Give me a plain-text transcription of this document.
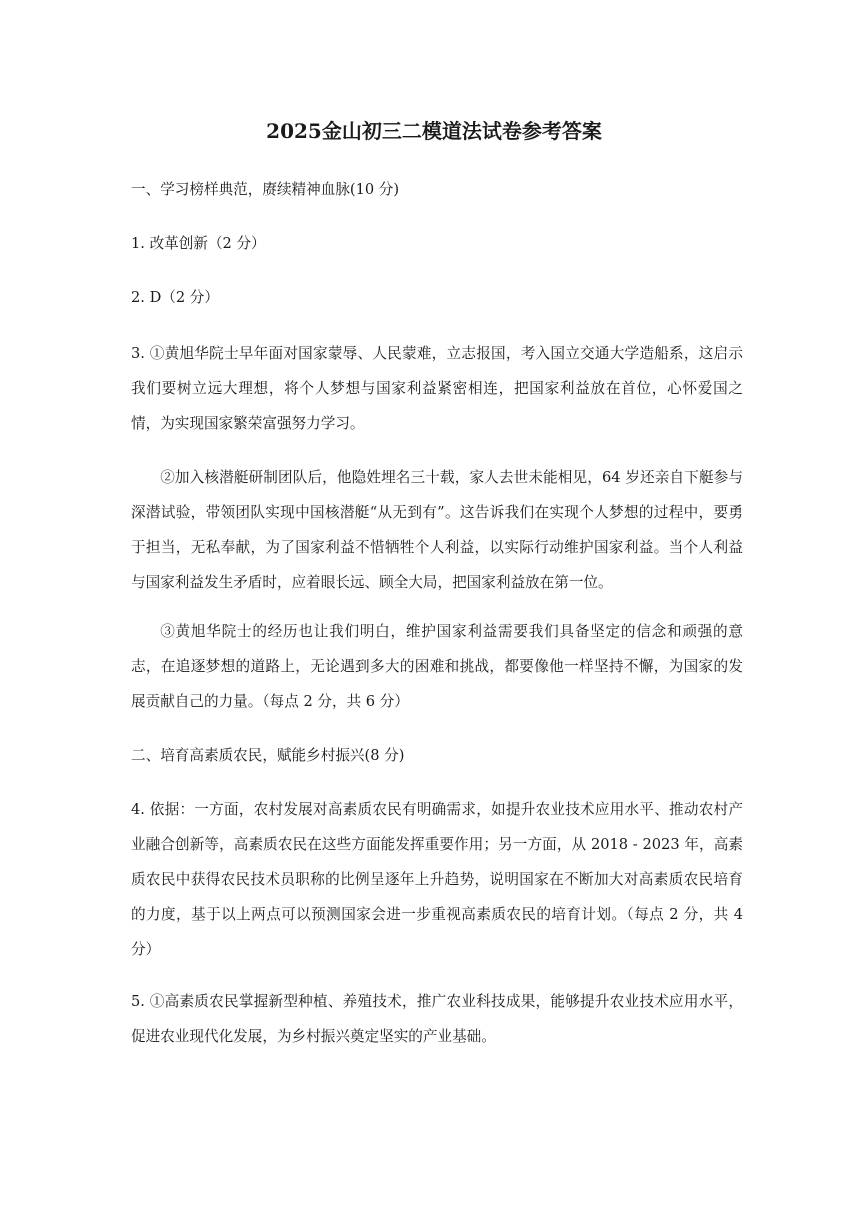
2025金山初三二模道法试卷参考答案

一、学习榜样典范，赓续精神血脉(10 分)

1. 改革创新（2 分）

2. D（2 分）

3. ①黄旭华院士早年面对国家蒙辱、人民蒙难，立志报国，考入国立交通大学造船系，这启示我们要树立远大理想，将个人梦想与国家利益紧密相连，把国家利益放在首位，心怀爱国之情，为实现国家繁荣富强努力学习。

②加入核潜艇研制团队后，他隐姓埋名三十载，家人去世未能相见，64 岁还亲自下艇参与深潜试验，带领团队实现中国核潜艇“从无到有”。这告诉我们在实现个人梦想的过程中，要勇于担当，无私奉献，为了国家利益不惜牺牲个人利益，以实际行动维护国家利益。当个人利益与国家利益发生矛盾时，应着眼长远、顾全大局，把国家利益放在第一位。

③黄旭华院士的经历也让我们明白，维护国家利益需要我们具备坚定的信念和顽强的意志，在追逐梦想的道路上，无论遇到多大的困难和挑战，都要像他一样坚持不懈，为国家的发展贡献自己的力量。（每点 2 分，共 6 分）

二、培育高素质农民，赋能乡村振兴(8 分)

4. 依据：一方面，农村发展对高素质农民有明确需求，如提升农业技术应用水平、推动农村产业融合创新等，高素质农民在这些方面能发挥重要作用；另一方面，从 2018 - 2023 年，高素质农民中获得农民技术员职称的比例呈逐年上升趋势，说明国家在不断加大对高素质农民培育的力度，基于以上两点可以预测国家会进一步重视高素质农民的培育计划。（每点 2 分，共 4 分）

5. ①高素质农民掌握新型种植、养殖技术，推广农业科技成果，能够提升农业技术应用水平，促进农业现代化发展，为乡村振兴奠定坚实的产业基础。
